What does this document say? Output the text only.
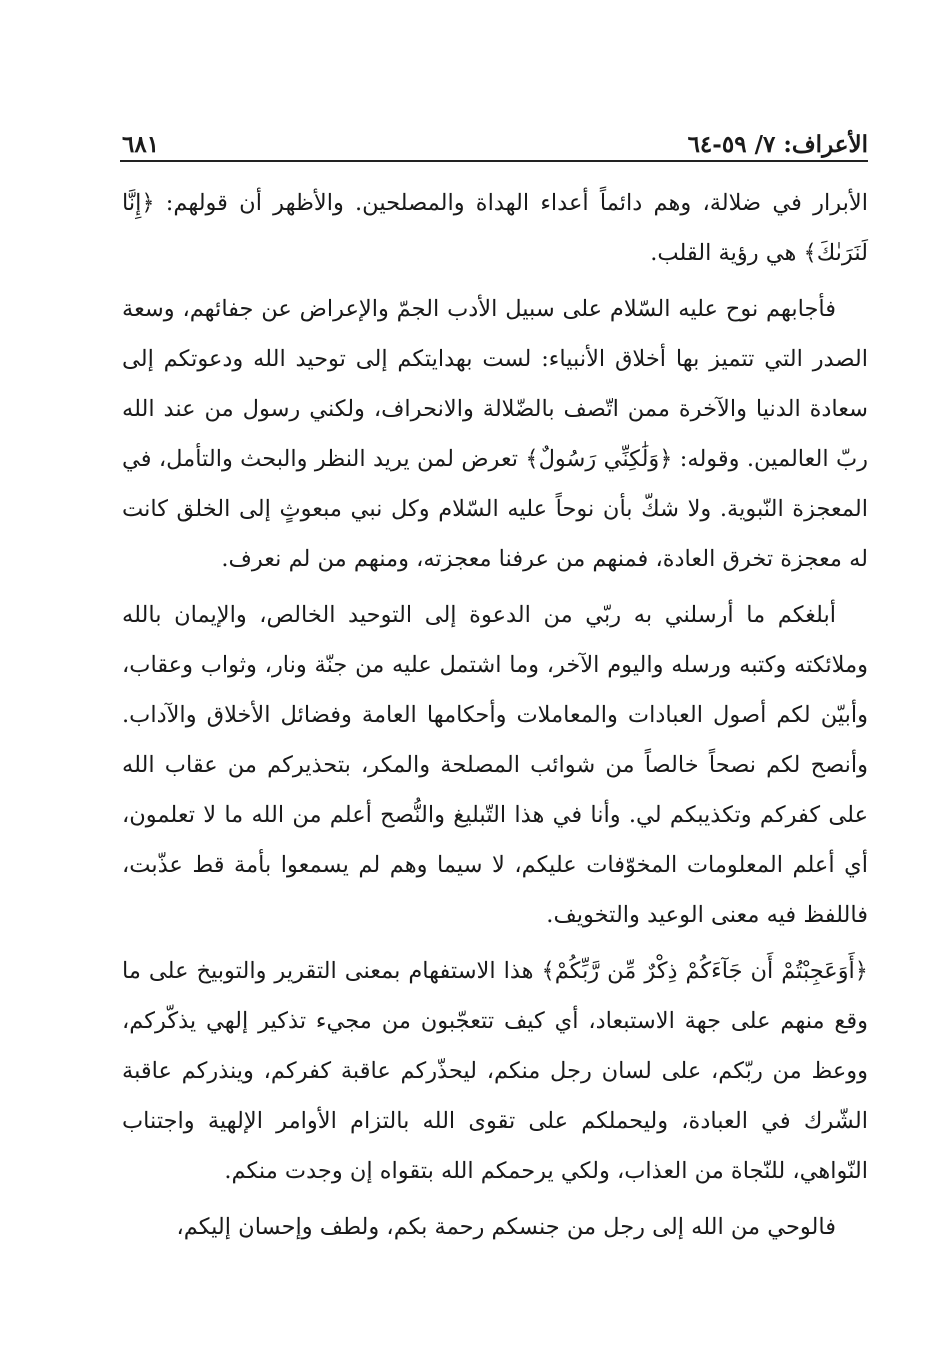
الأعراف: ٧/ ٥٩-٦٤
٦٨١

الأبرار في ضلالة، وهم دائماً أعداء الهداة والمصلحين. والأظهر أن قولهم: ﴿إِنَّا لَنَرَىٰكَ﴾ هي رؤية القلب.

فأجابهم نوح عليه السّلام على سبيل الأدب الجمّ والإعراض عن جفائهم، وسعة الصدر التي تتميز بها أخلاق الأنبياء: لست بهدايتكم إلى توحيد الله ودعوتكم إلى سعادة الدنيا والآخرة ممن اتّصف بالضّلالة والانحراف، ولكني رسول من عند الله ربّ العالمين. وقوله: ﴿وَلَٰكِنِّي رَسُولٌ﴾ تعرض لمن يريد النظر والبحث والتأمل، في المعجزة النّبوية. ولا شكّ بأن نوحاً عليه السّلام وكل نبي مبعوثٍ إلى الخلق كانت له معجزة تخرق العادة، فمنهم من عرفنا معجزته، ومنهم من لم نعرف.

أبلغكم ما أرسلني به ربّي من الدعوة إلى التوحيد الخالص، والإيمان بالله وملائكته وكتبه ورسله واليوم الآخر، وما اشتمل عليه من جنّة ونار، وثواب وعقاب، وأبيّن لكم أصول العبادات والمعاملات وأحكامها العامة وفضائل الأخلاق والآداب. وأنصح لكم نصحاً خالصاً من شوائب المصلحة والمكر، بتحذيركم من عقاب الله على كفركم وتكذيبكم لي. وأنا في هذا التّبليغ والنُّصح أعلم من الله ما لا تعلمون، أي أعلم المعلومات المخوّفات عليكم، لا سيما وهم لم يسمعوا بأمة قط عذّبت، فاللفظ فيه معنى الوعيد والتخويف.

﴿أَوَعَجِبْتُمْ أَن جَآءَكُمْ ذِكْرٌ مِّن رَّبِّكُمْ﴾ هذا الاستفهام بمعنى التقرير والتوبيخ على ما وقع منهم على جهة الاستبعاد، أي كيف تتعجّبون من مجيء تذكير إلهي يذكّركم، ووعظ من ربّكم، على لسان رجل منكم، ليحذّركم عاقبة كفركم، وينذركم عاقبة الشّرك في العبادة، وليحملكم على تقوى الله بالتزام الأوامر الإلهية واجتناب النّواهي، للنّجاة من العذاب، ولكي يرحمكم الله بتقواه إن وجدت منكم.

فالوحي من الله إلى رجل من جنسكم رحمة بكم، ولطف وإحسان إليكم،
